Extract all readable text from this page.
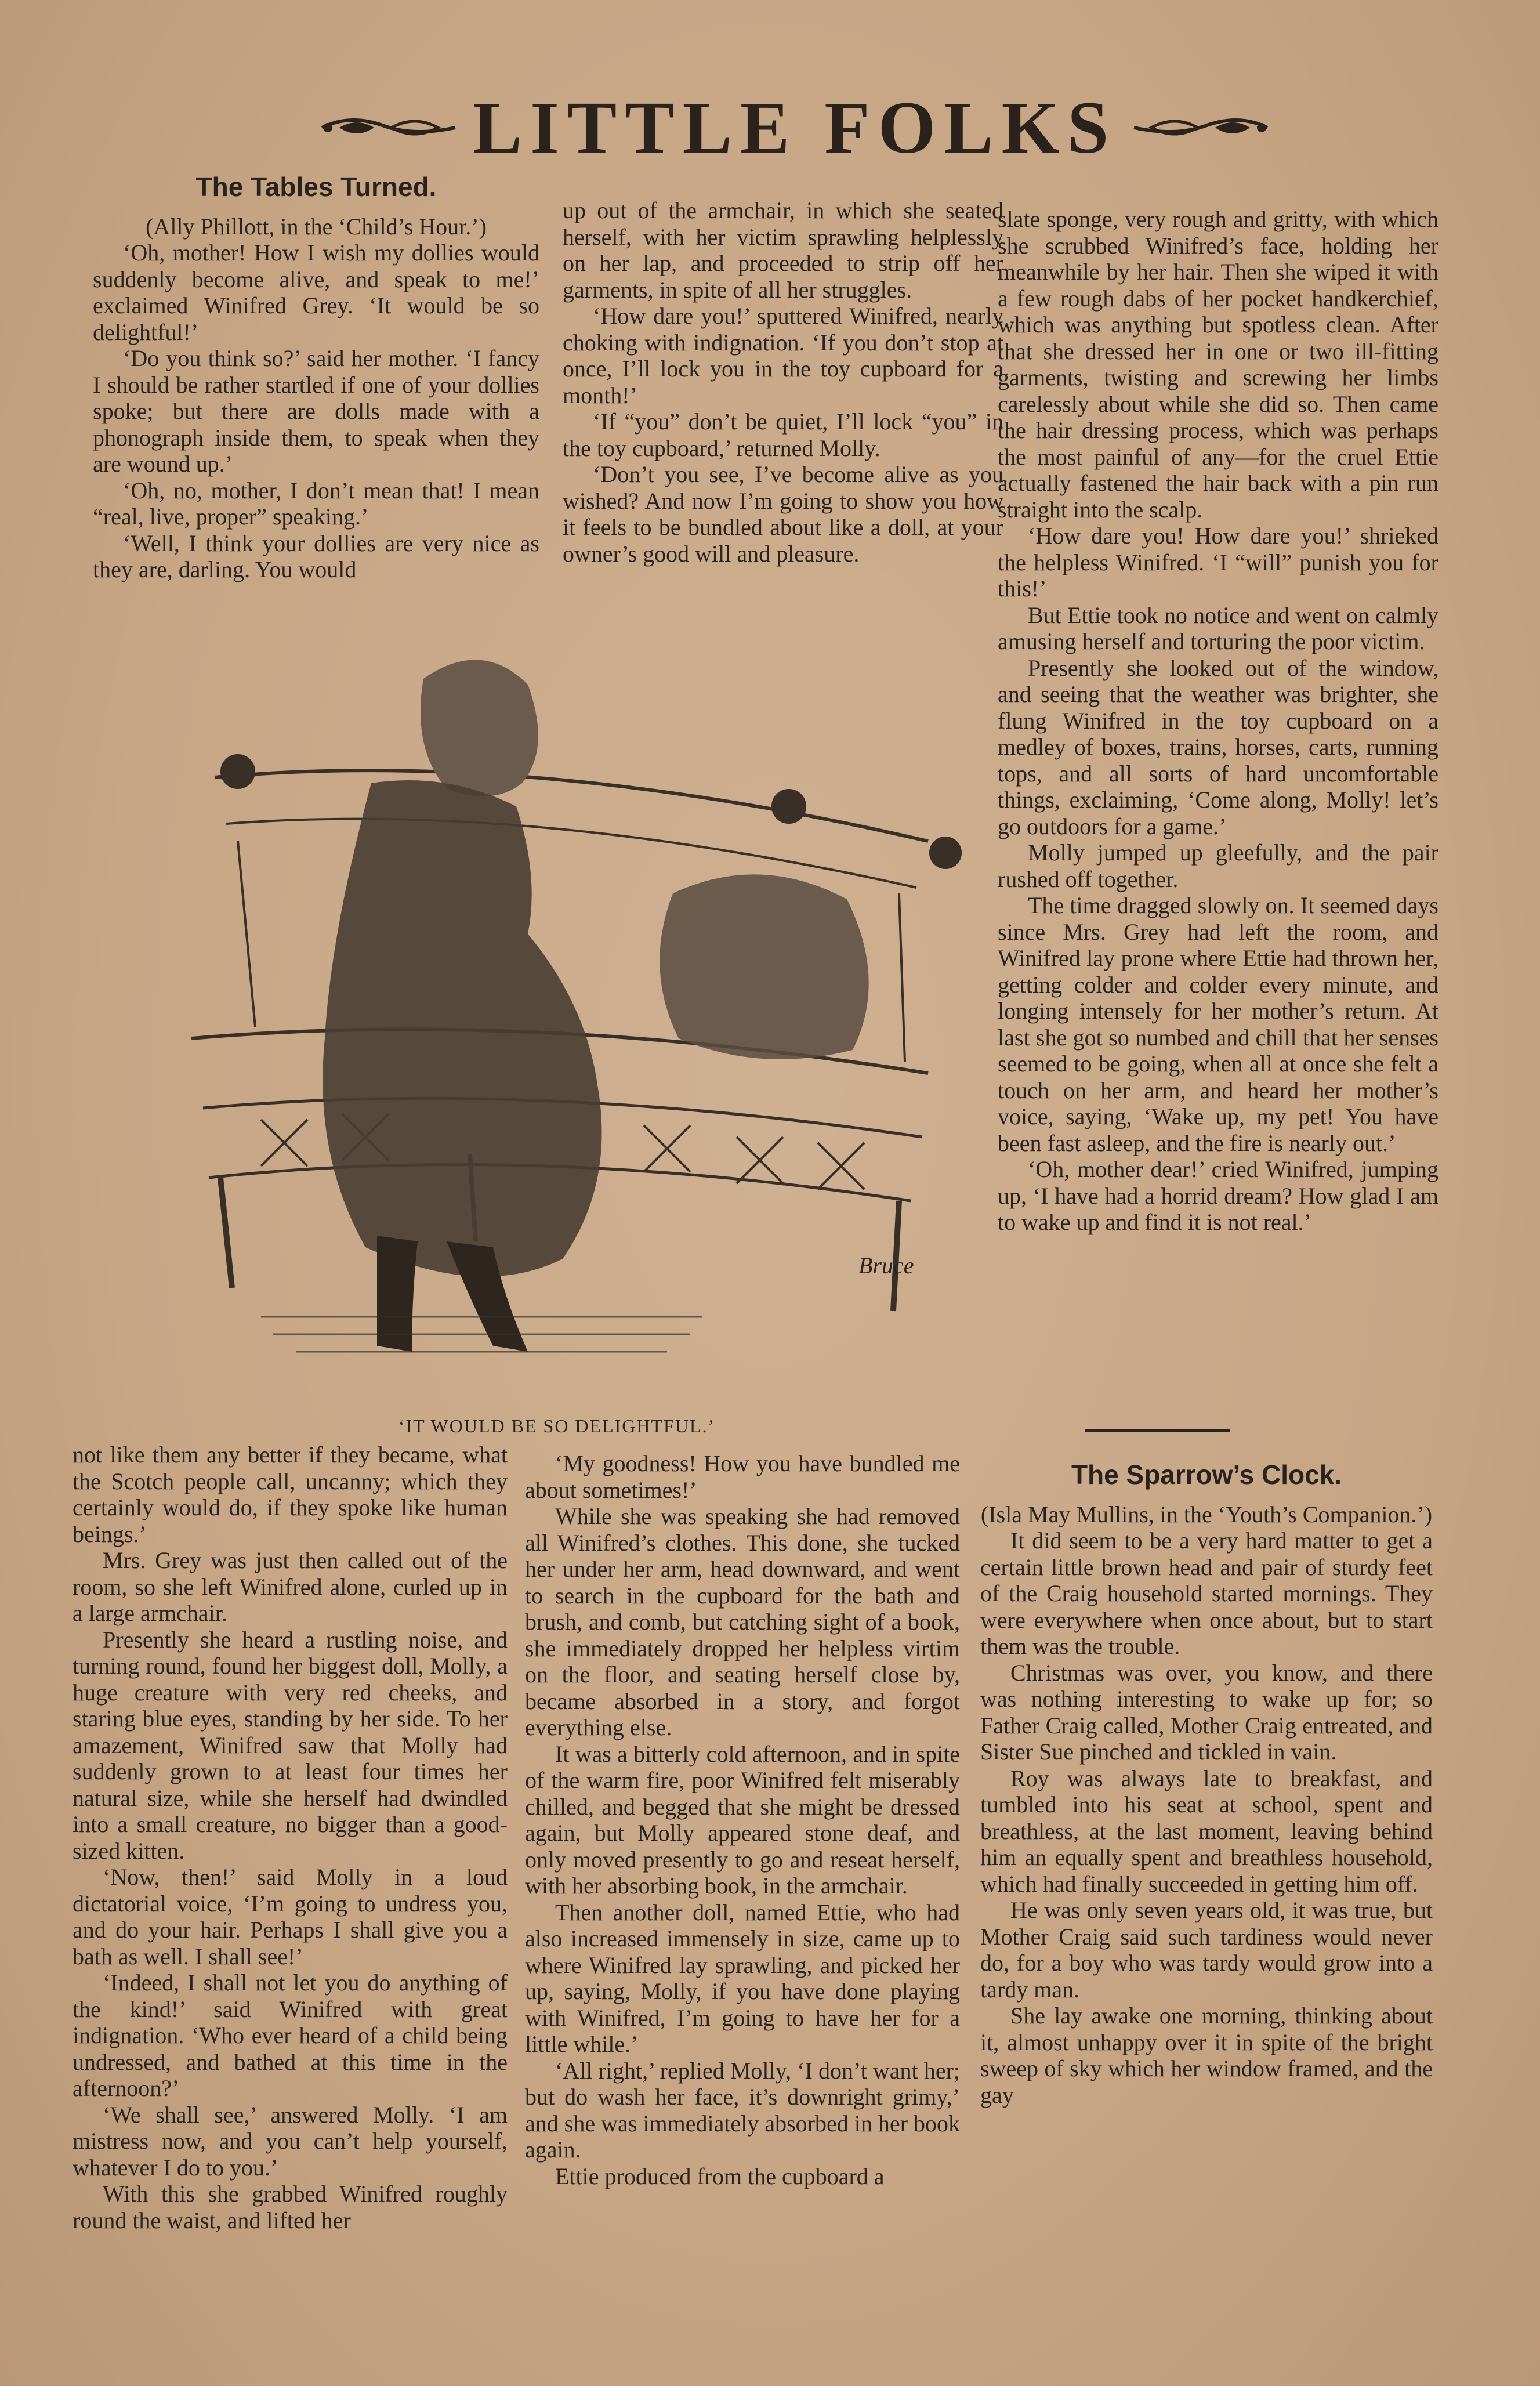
LITTLE FOLKS
The Tables Turned.

(Ally Phillott, in the ‘Child’s Hour.’)

‘Oh, mother! How I wish my dollies would suddenly become alive, and speak to me!’ exclaimed Winifred Grey. ‘It would be so delightful!’

‘Do you think so?’ said her mother. ‘I fancy I should be rather startled if one of your dollies spoke; but there are dolls made with a phonograph inside them, to speak when they are wound up.’

‘Oh, no, mother, I don’t mean that! I mean “real, live, proper” speaking.’

‘Well, I think your dollies are very nice as they are, darling. You would

up out of the armchair, in which she seated herself, with her victim sprawling helplessly on her lap, and proceeded to strip off her garments, in spite of all her struggles.

‘How dare you!’ sputtered Winifred, nearly choking with indignation. ‘If you don’t stop at once, I’ll lock you in the toy cupboard for a month!’

‘If “you” don’t be quiet, I’ll lock “you” in the toy cupboard,’ returned Molly.

‘Don’t you see, I’ve become alive as you wished? And now I’m going to show you how it feels to be bundled about like a doll, at your owner’s good will and pleasure.

slate sponge, very rough and gritty, with which she scrubbed Winifred’s face, holding her meanwhile by her hair. Then she wiped it with a few rough dabs of her pocket handkerchief, which was anything but spotless clean. After that she dressed her in one or two ill-fitting garments, twisting and screwing her limbs carelessly about while she did so. Then came the hair dressing process, which was perhaps the most painful of any—for the cruel Ettie actually fastened the hair back with a pin run straight into the scalp.

‘How dare you! How dare you!’ shrieked the helpless Winifred. ‘I “will” punish you for this!’

But Ettie took no notice and went on calmly amusing herself and torturing the poor victim.

Presently she looked out of the window, and seeing that the weather was brighter, she flung Winifred in the toy cupboard on a medley of boxes, trains, horses, carts, running tops, and all sorts of hard uncomfortable things, exclaiming, ‘Come along, Molly! let’s go outdoors for a game.’

Molly jumped up gleefully, and the pair rushed off together.

The time dragged slowly on. It seemed days since Mrs. Grey had left the room, and Winifred lay prone where Ettie had thrown her, getting colder and colder every minute, and longing intensely for her mother’s return. At last she got so numbed and chill that her senses seemed to be going, when all at once she felt a touch on her arm, and heard her mother’s voice, saying, ‘Wake up, my pet! You have been fast asleep, and the fire is nearly out.’

‘Oh, mother dear!’ cried Winifred, jumping up, ‘I have had a horrid dream? How glad I am to wake up and find it is not real.’

Bruce
‘IT WOULD BE SO DELIGHTFUL.’

not like them any better if they became, what the Scotch people call, uncanny; which they certainly would do, if they spoke like human beings.’

Mrs. Grey was just then called out of the room, so she left Winifred alone, curled up in a large armchair.

Presently she heard a rustling noise, and turning round, found her biggest doll, Molly, a huge creature with very red cheeks, and staring blue eyes, standing by her side. To her amazement, Winifred saw that Molly had suddenly grown to at least four times her natural size, while she herself had dwindled into a small creature, no bigger than a good-sized kitten.

‘Now, then!’ said Molly in a loud dictatorial voice, ‘I’m going to undress you, and do your hair. Perhaps I shall give you a bath as well. I shall see!’

‘Indeed, I shall not let you do anything of the kind!’ said Winifred with great indignation. ‘Who ever heard of a child being undressed, and bathed at this time in the afternoon?’

‘We shall see,’ answered Molly. ‘I am mistress now, and you can’t help yourself, whatever I do to you.’

With this she grabbed Winifred roughly round the waist, and lifted her

‘My goodness! How you have bundled me about sometimes!’

While she was speaking she had removed all Winifred’s clothes. This done, she tucked her under her arm, head downward, and went to search in the cupboard for the bath and brush, and comb, but catching sight of a book, she immediately dropped her helpless virtim on the floor, and seating herself close by, became absorbed in a story, and forgot everything else.

It was a bitterly cold afternoon, and in spite of the warm fire, poor Winifred felt miserably chilled, and begged that she might be dressed again, but Molly appeared stone deaf, and only moved presently to go and reseat herself, with her absorbing book, in the armchair.

Then another doll, named Ettie, who had also increased immensely in size, came up to where Winifred lay sprawling, and picked her up, saying, Molly, if you have done playing with Winifred, I’m going to have her for a little while.’

‘All right,’ replied Molly, ‘I don’t want her; but do wash her face, it’s downright grimy,’ and she was immediately absorbed in her book again.

Ettie produced from the cupboard a

The Sparrow’s Clock.

(Isla May Mullins, in the ‘Youth’s Companion.’)

It did seem to be a very hard matter to get a certain little brown head and pair of sturdy feet of the Craig household started mornings. They were everywhere when once about, but to start them was the trouble.

Christmas was over, you know, and there was nothing interesting to wake up for; so Father Craig called, Mother Craig entreated, and Sister Sue pinched and tickled in vain.

Roy was always late to breakfast, and tumbled into his seat at school, spent and breathless, at the last moment, leaving behind him an equally spent and breathless household, which had finally succeeded in getting him off.

He was only seven years old, it was true, but Mother Craig said such tardiness would never do, for a boy who was tardy would grow into a tardy man.

She lay awake one morning, thinking about it, almost unhappy over it in spite of the bright sweep of sky which her window framed, and the gay
